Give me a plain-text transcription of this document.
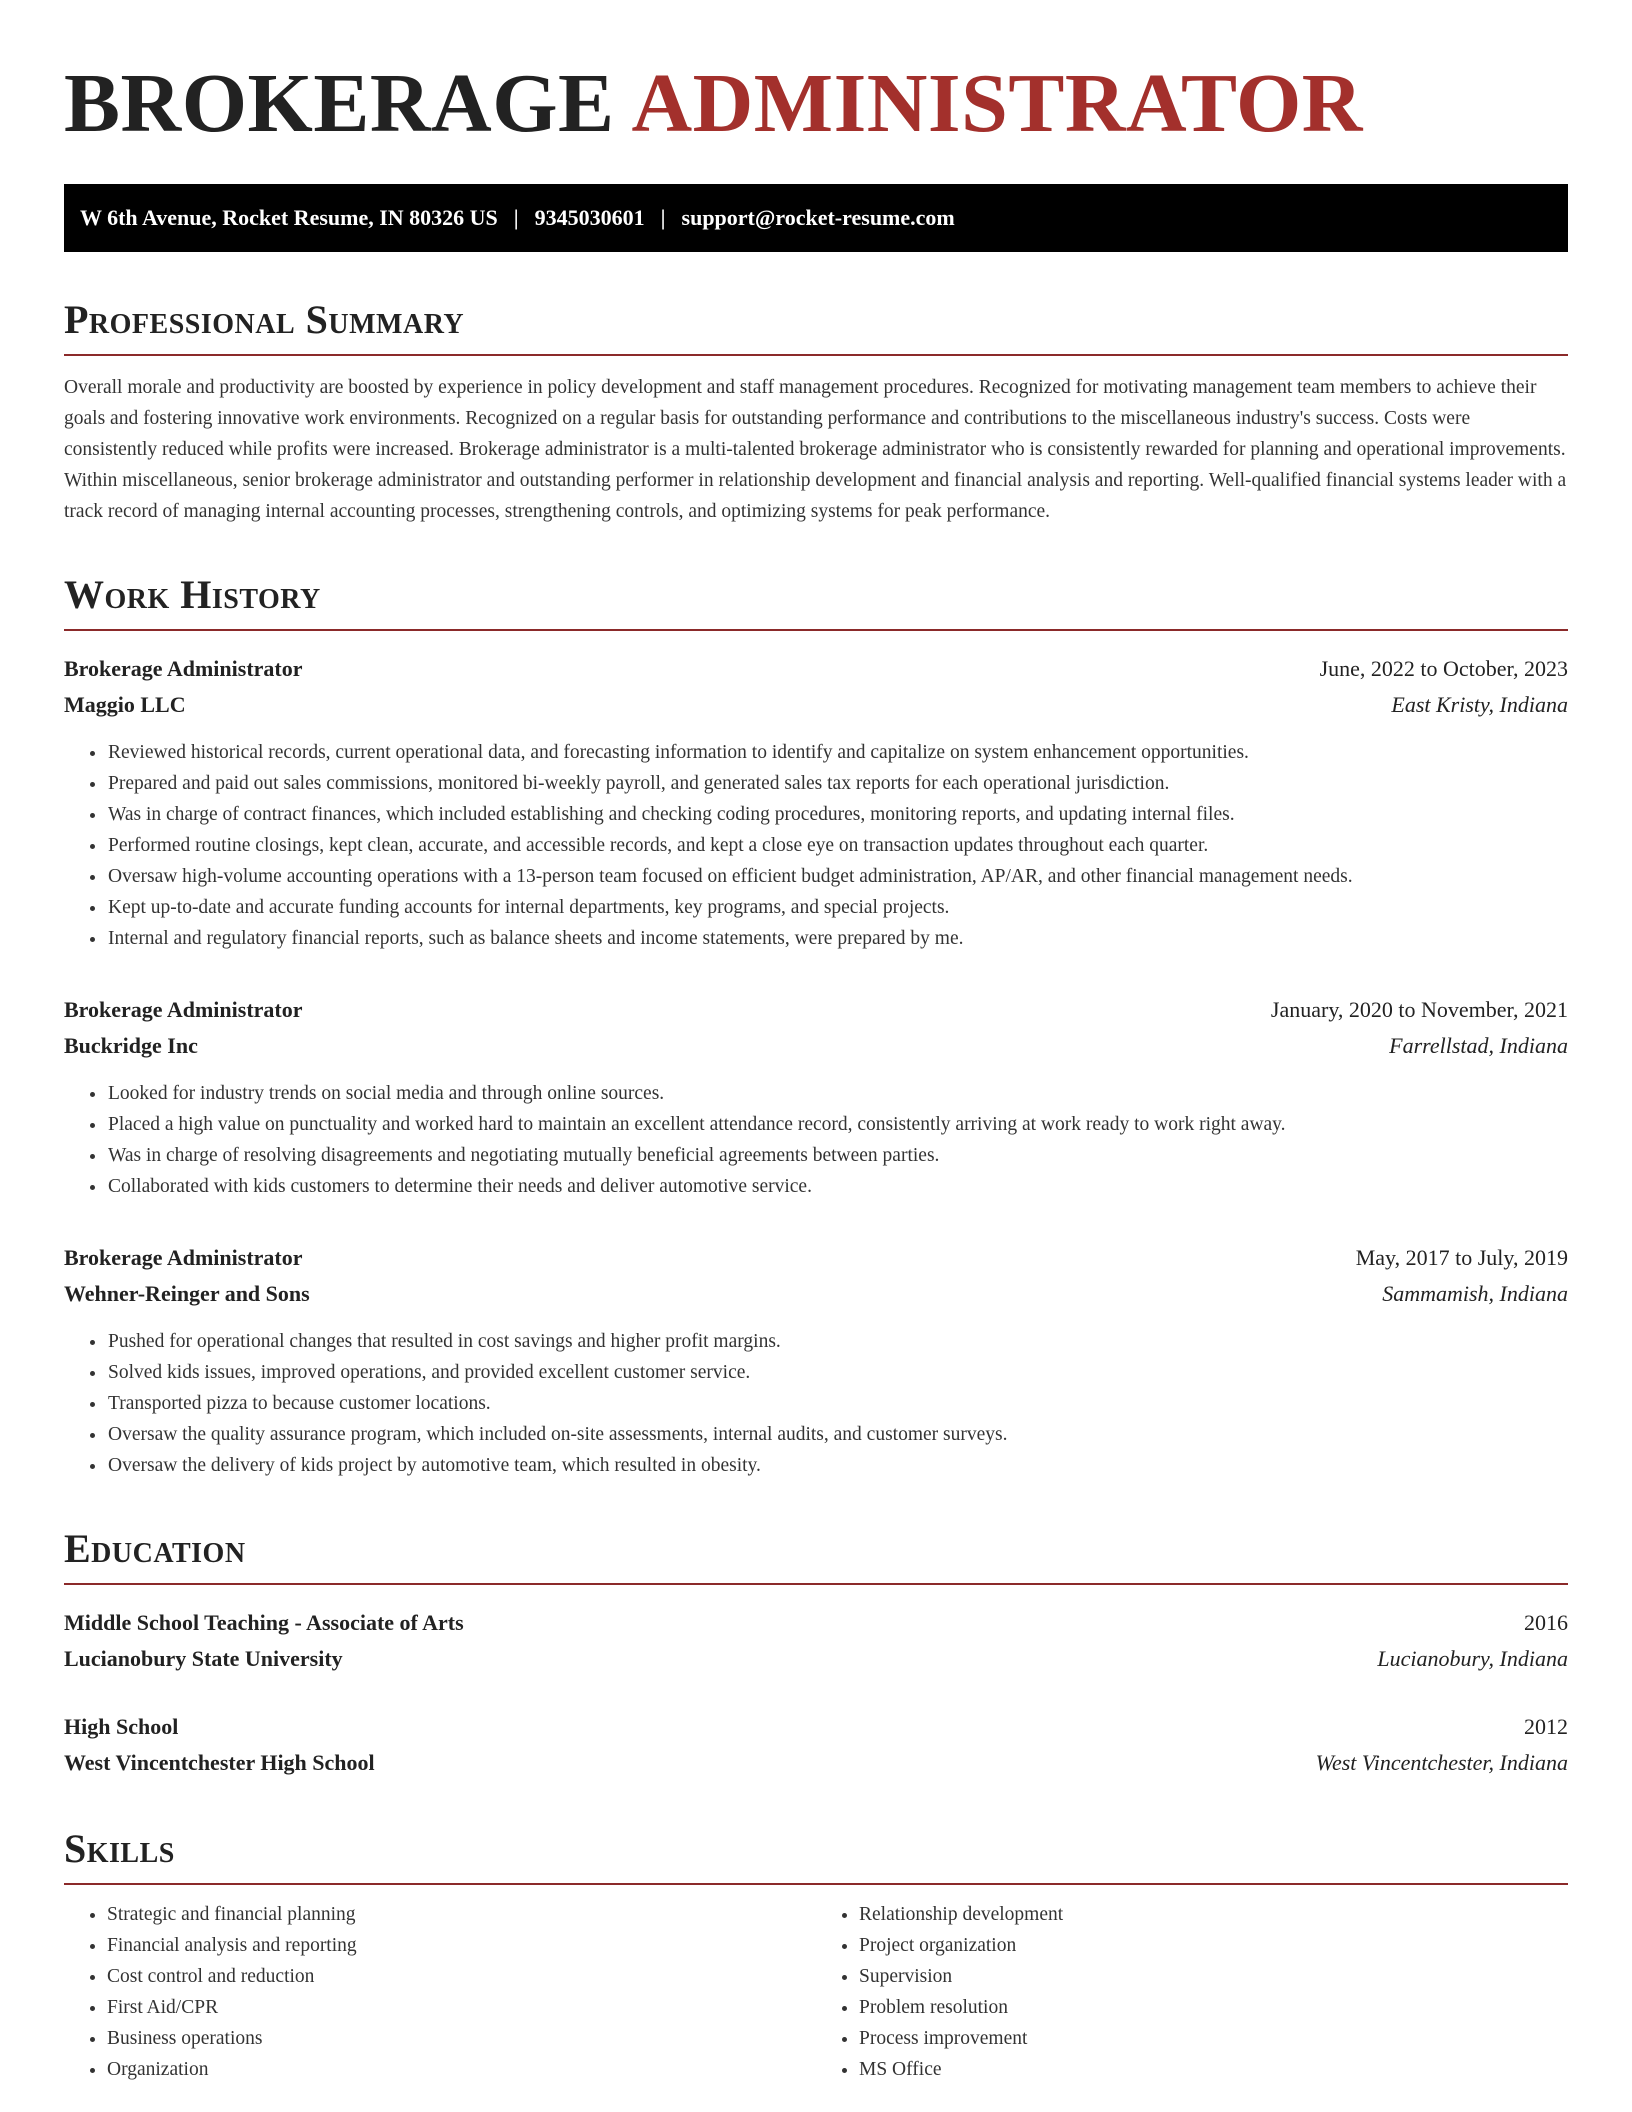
BROKERAGE ADMINISTRATOR
W 6th Avenue, Rocket Resume, IN 80326 US | 9345030601 | support@rocket-resume.com
Professional Summary

Overall morale and productivity are boosted by experience in policy development and staff management procedures. Recognized for motivating management team members to achieve their goals and fostering innovative work environments. Recognized on a regular basis for outstanding performance and contributions to the miscellaneous industry's success. Costs were consistently reduced while profits were increased. Brokerage administrator is a multi-talented brokerage administrator who is consistently rewarded for planning and operational improvements. Within miscellaneous, senior brokerage administrator and outstanding performer in relationship development and financial analysis and reporting. Well-qualified financial systems leader with a track record of managing internal accounting processes, strengthening controls, and optimizing systems for peak performance.

Work History
Brokerage Administrator	June, 2022 to October, 2023
Maggio LLC	East Kristy, Indiana
• Reviewed historical records, current operational data, and forecasting information to identify and capitalize on system enhancement opportunities.
• Prepared and paid out sales commissions, monitored bi-weekly payroll, and generated sales tax reports for each operational jurisdiction.
• Was in charge of contract finances, which included establishing and checking coding procedures, monitoring reports, and updating internal files.
• Performed routine closings, kept clean, accurate, and accessible records, and kept a close eye on transaction updates throughout each quarter.
• Oversaw high-volume accounting operations with a 13-person team focused on efficient budget administration, AP/AR, and other financial management needs.
• Kept up-to-date and accurate funding accounts for internal departments, key programs, and special projects.
• Internal and regulatory financial reports, such as balance sheets and income statements, were prepared by me.
Brokerage Administrator	January, 2020 to November, 2021
Buckridge Inc	Farrellstad, Indiana
• Looked for industry trends on social media and through online sources.
• Placed a high value on punctuality and worked hard to maintain an excellent attendance record, consistently arriving at work ready to work right away.
• Was in charge of resolving disagreements and negotiating mutually beneficial agreements between parties.
• Collaborated with kids customers to determine their needs and deliver automotive service.
Brokerage Administrator	May, 2017 to July, 2019
Wehner-Reinger and Sons	Sammamish, Indiana
• Pushed for operational changes that resulted in cost savings and higher profit margins.
• Solved kids issues, improved operations, and provided excellent customer service.
• Transported pizza to because customer locations.
• Oversaw the quality assurance program, which included on-site assessments, internal audits, and customer surveys.
• Oversaw the delivery of kids project by automotive team, which resulted in obesity.
Education
Middle School Teaching - Associate of Arts	2016
Lucianobury State University	Lucianobury, Indiana
High School	2012
West Vincentchester High School	West Vincentchester, Indiana
Skills
• Strategic and financial planning
• Financial analysis and reporting
• Cost control and reduction
• First Aid/CPR
• Business operations
• Organization
• Relationship development
• Project organization
• Supervision
• Problem resolution
• Process improvement
• MS Office
